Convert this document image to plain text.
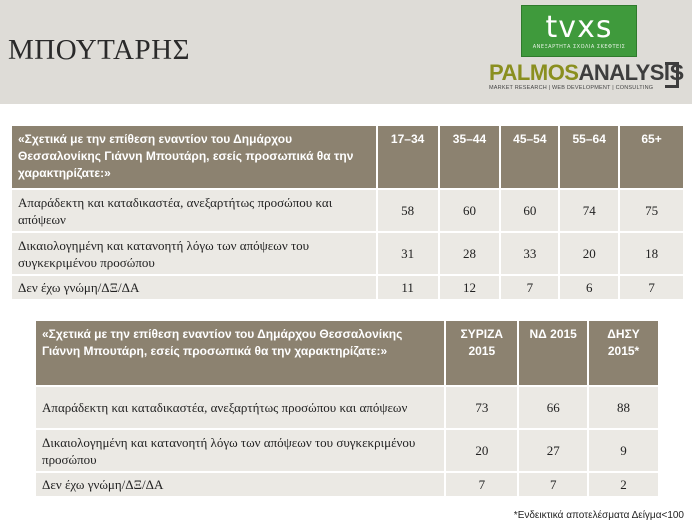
ΜΠΟΥΤΑΡΗΣ
tvxs
ΑΝΕΞΑΡΤΗΤΑ ΣΧΟΛΙΑ ΣΚΕΦΤΕΙΣ
PALMOSANALYSIS
MARKET RESEARCH | WEB DEVELOPMENT | CONSULTING
«Σχετικά με την επίθεση εναντίον του Δημάρχου Θεσσαλονίκης Γιάννη Μπουτάρη, εσείς προσωπικά θα την χαρακτηρίζατε:»	17–34	35–44	45–54	55–64	65+
Απαράδεκτη και καταδικαστέα, ανεξαρτήτως προσώπου και απόψεων	58	60	60	74	75
Δικαιολογημένη και κατανοητή λόγω των απόψεων του συγκεκριμένου προσώπου	31	28	33	20	18
Δεν έχω γνώμη/ΔΞ/ΔΑ	11	12	7	6	7
«Σχετικά με την επίθεση εναντίον του Δημάρχου Θεσσαλονίκης Γιάννη Μπουτάρη, εσείς προσωπικά θα την χαρακτηρίζατε:»	ΣΥΡΙΖΑ 2015	ΝΔ 2015	ΔΗΣΥ 2015*
Απαράδεκτη και καταδικαστέα, ανεξαρτήτως προσώπου και απόψεων	73	66	88
Δικαιολογημένη και κατανοητή λόγω των απόψεων του συγκεκριμένου προσώπου	20	27	9
Δεν έχω γνώμη/ΔΞ/ΔΑ	7	7	2
*Ενδεικτικά αποτελέσματα Δείγμα<100
